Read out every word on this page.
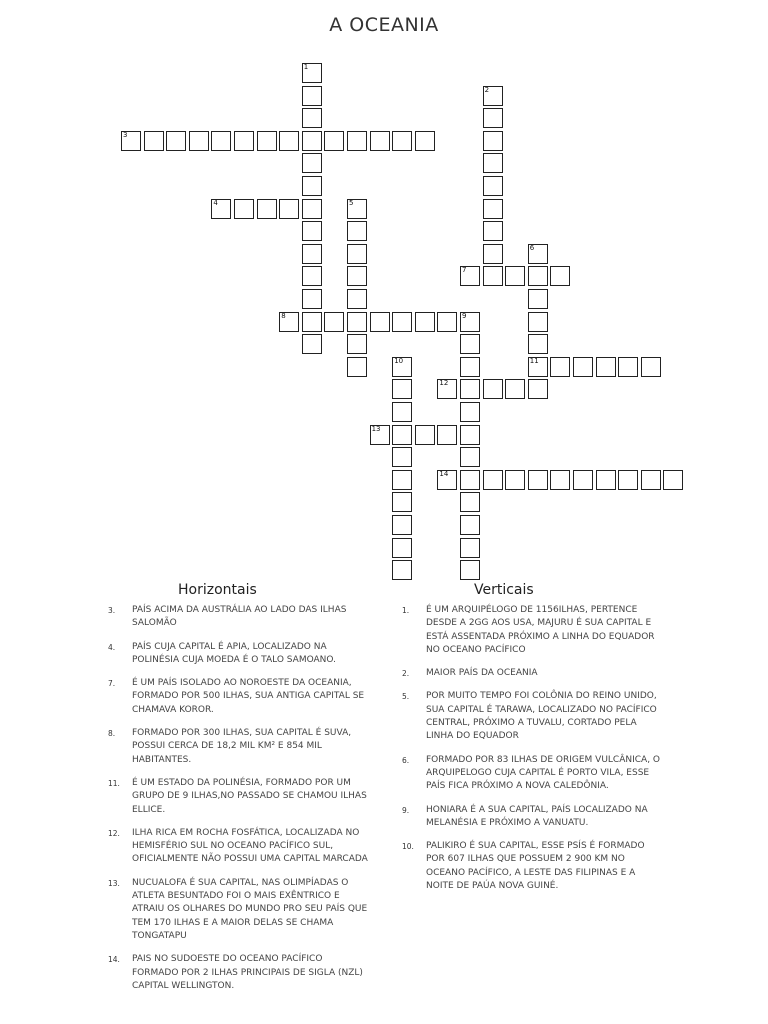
A OCEANIA
1
2
3
4	5
6
11
7
8	9
10
12
13
14
Horizontais	Verticais
3. PAÍS ACIMA DA AUSTRÁLIA AO LADO DAS ILHAS SALOMÃO
4. PAÍS CUJA CAPITAL É APIA, LOCALIZADO NA POLINÉSIA CUJA MOEDA É O TALO SAMOANO.
7. É UM PAÍS ISOLADO AO NOROESTE DA OCEANIA, FORMADO POR 500 ILHAS, SUA ANTIGA CAPITAL SE CHAMAVA KOROR.
8. FORMADO POR 300 ILHAS, SUA CAPITAL É SUVA, POSSUI CERCA DE 18,2 MIL KM² E 854 MIL HABITANTES.
11. É UM ESTADO DA POLINÉSIA, FORMADO POR UM GRUPO DE 9 ILHAS,NO PASSADO SE CHAMOU ILHAS ELLICE.
12. ILHA RICA EM ROCHA FOSFÁTICA, LOCALIZADA NO HEMISFÉRIO SUL NO OCEANO PACÍFICO SUL, OFICIALMENTE NÃO POSSUI UMA CAPITAL MARCADA
13. NUCUALOFA É SUA CAPITAL, NAS OLIMPÍADAS O ATLETA BESUNTADO FOI O MAIS EXÊNTRICO E ATRAIU OS OLHARES DO MUNDO PRO SEU PAÍS QUE TEM 170 ILHAS E A MAIOR DELAS SE CHAMA TONGATAPU
14. PAIS NO SUDOESTE DO OCEANO PACÍFICO FORMADO POR 2 ILHAS PRINCIPAIS DE SIGLA (NZL) CAPITAL WELLINGTON.
1. É UM ARQUIPÉLOGO DE 1156ILHAS, PERTENCE DESDE A 2GG AOS USA, MAJURU É SUA CAPITAL E ESTÁ ASSENTADA PRÓXIMO A LINHA DO EQUADOR NO OCEANO PACÍFICO
2. MAIOR PAÍS DA OCEANIA
5. POR MUITO TEMPO FOI COLÔNIA DO REINO UNIDO, SUA CAPITAL É TARAWA, LOCALIZADO NO PACÍFICO CENTRAL, PRÓXIMO A TUVALU, CORTADO PELA LINHA DO EQUADOR
6. FORMADO POR 83 ILHAS DE ORIGEM VULCÂNICA, O ARQUIPELOGO CUJA CAPITAL É PORTO VILA, ESSE PAÍS FICA PRÓXIMO A NOVA CALEDÔNIA.
9. HONIARA É A SUA CAPITAL, PAÍS LOCALIZADO NA MELANÉSIA E PRÓXIMO A VANUATU.
10. PALIKIRO É SUA CAPITAL, ESSE PSÍS É FORMADO POR 607 ILHAS QUE POSSUEM 2 900 KM NO OCEANO PACÍFICO, A LESTE DAS FILIPINAS E A NOITE DE PAÚA NOVA GUINÉ.
